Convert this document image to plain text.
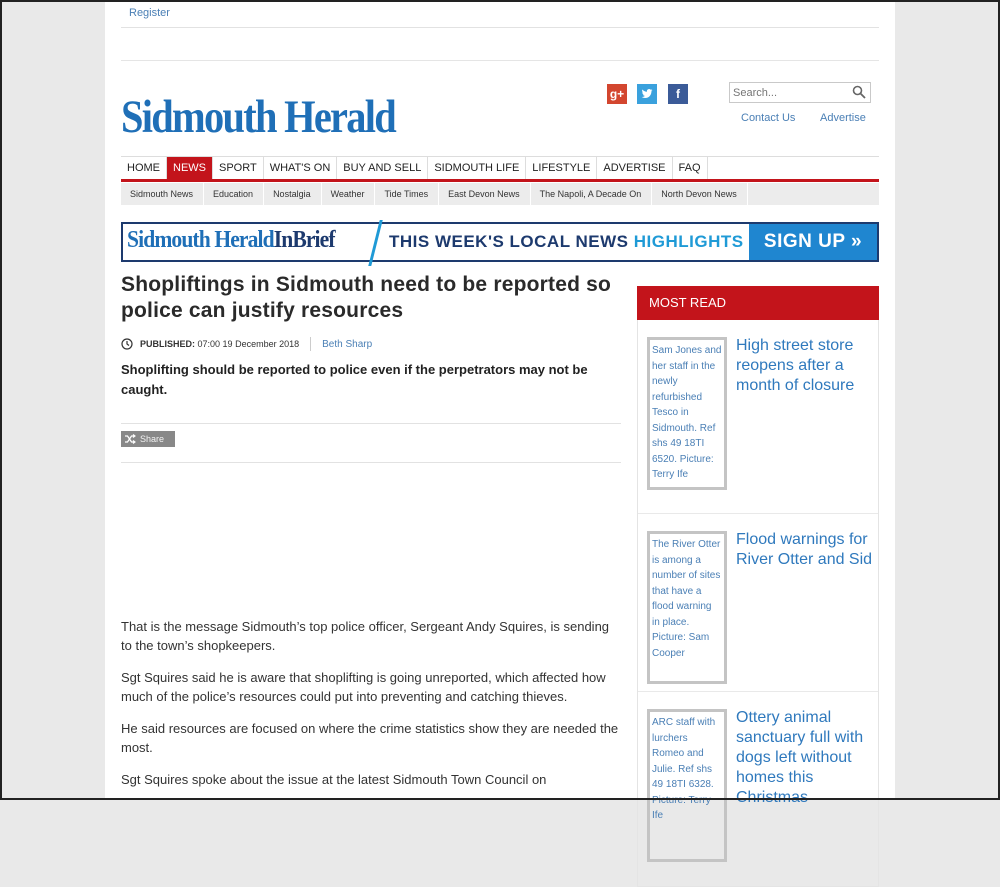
Register
Sidmouth Herald	g+	f
Search...
Contact Us Advertise
HOME	NEWS	SPORT	WHAT'S ON	BUY AND SELL	SIDMOUTH LIFE	LIFESTYLE	ADVERTISE	FAQ
Sidmouth News	Education	Nostalgia	Weather	Tide Times	East Devon News	The Napoli, A Decade On	North Devon News
Sidmouth HeraldInBrief	THIS WEEK'S LOCAL NEWS HIGHLIGHTS	SIGN UP »
Shopliftings in Sidmouth need to be reported so police can justify resources
PUBLISHED: 07:00 19 December 2018 Beth Sharp

Shoplifting should be reported to police even if the perpetrators may not be caught.

Share

That is the message Sidmouth’s top police officer, Sergeant Andy Squires, is sending to the town’s shopkeepers.

Sgt Squires said he is aware that shoplifting is going unreported, which affected how much of the police’s resources could put into preventing and catching thieves.

He said resources are focused on where the crime statistics show they are needed the most.

Sgt Squires spoke about the issue at the latest Sidmouth Town Council on

MOST READ
Sam Jones and her staff in the newly refurbished Tesco in Sidmouth. Ref shs 49 18TI 6520. Picture: Terry Ife
High street store reopens after a month of closure
The River Otter is among a number of sites that have a flood warning in place. Picture: Sam Cooper
Flood warnings for River Otter and Sid
ARC staff with lurchers Romeo and Julie. Ref shs 49 18TI 6328. Picture: Terry Ife
Ottery animal sanctuary full with dogs left without homes this Christmas
